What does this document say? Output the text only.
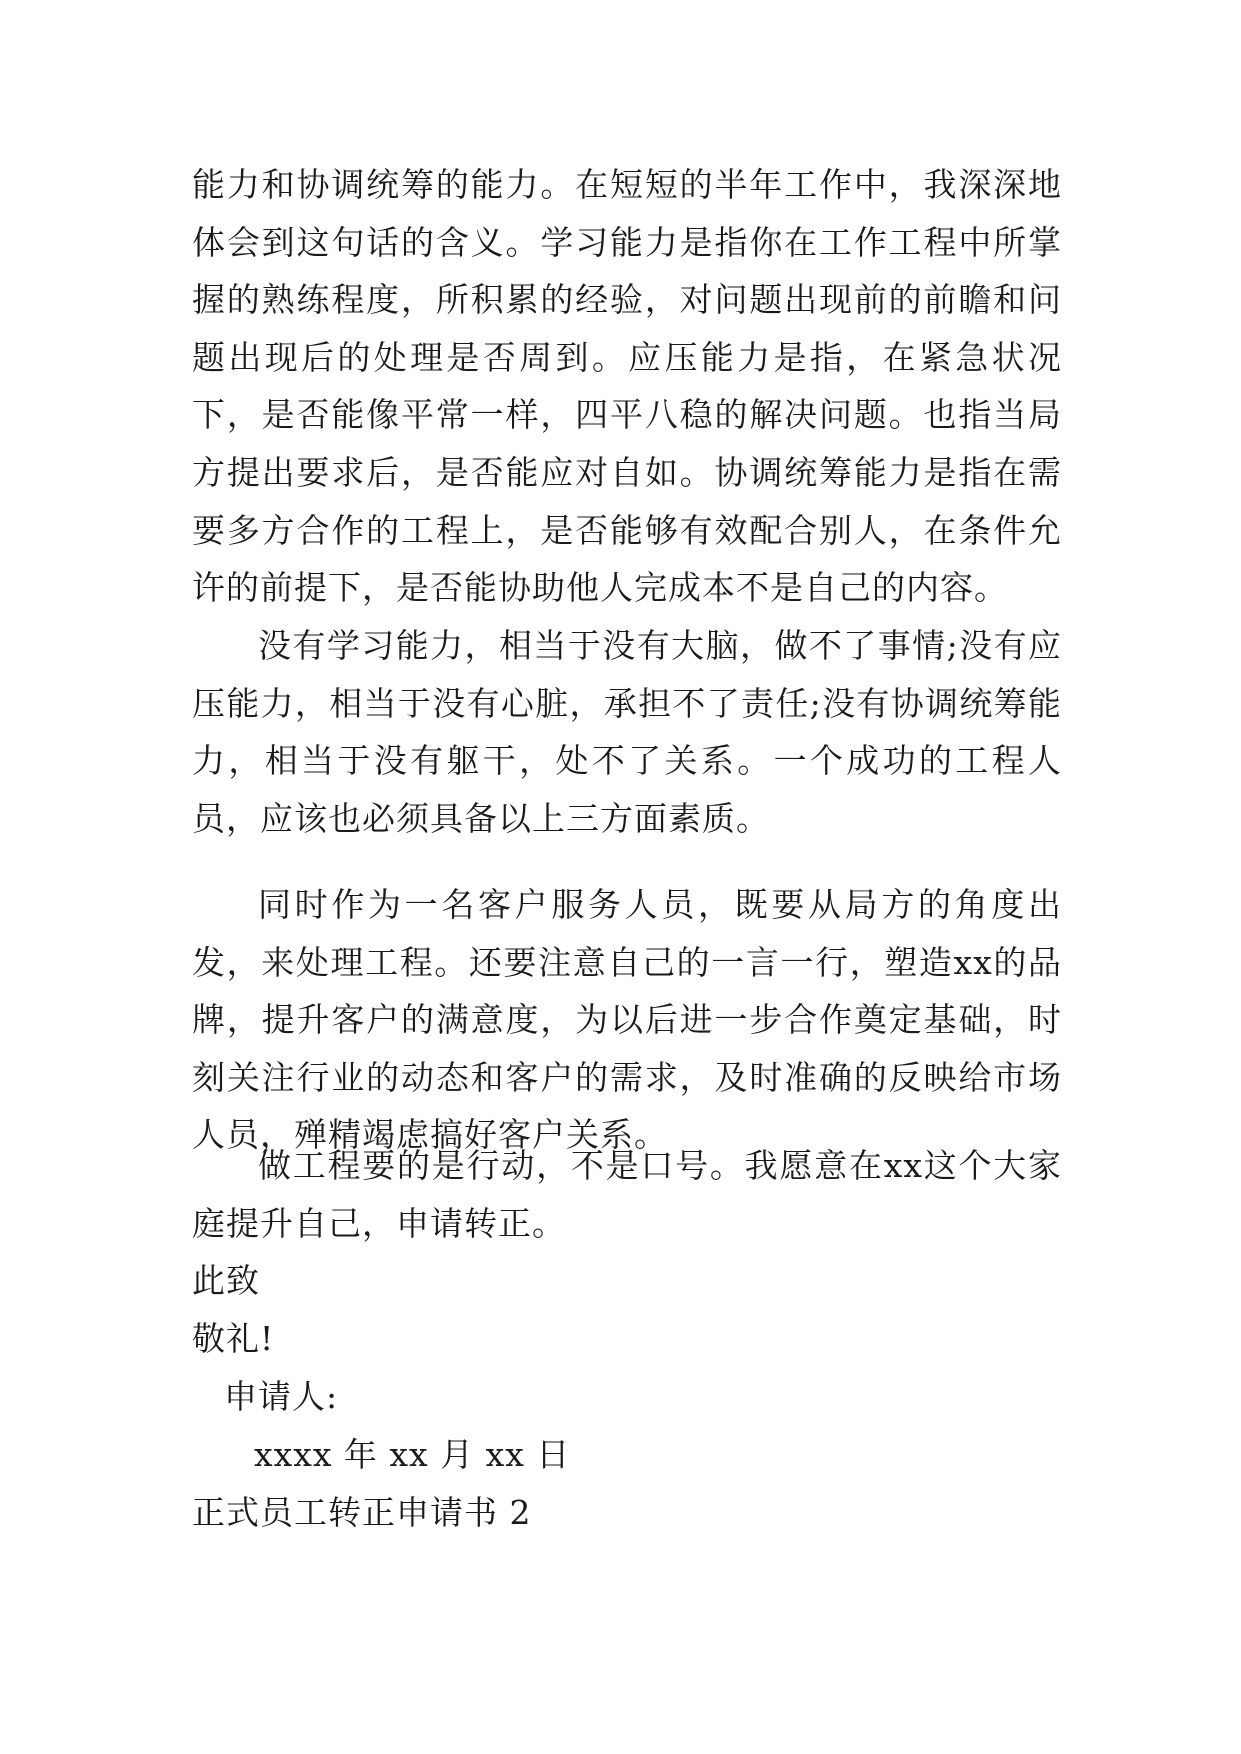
能力和协调统筹的能力。在短短的半年工作中，我深深地体会到这句话的含义。学习能力是指你在工作工程中所掌握的熟练程度，所积累的经验，对问题出现前的前瞻和问题出现后的处理是否周到。应压能力是指，在紧急状况下，是否能像平常一样，四平八稳的解决问题。也指当局方提出要求后，是否能应对自如。协调统筹能力是指在需要多方合作的工程上，是否能够有效配合别人，在条件允许的前提下，是否能协助他人完成本不是自己的内容。

没有学习能力，相当于没有大脑，做不了事情;没有应压能力，相当于没有心脏，承担不了责任;没有协调统筹能力，相当于没有躯干，处不了关系。一个成功的工程人员，应该也必须具备以上三方面素质。

同时作为一名客户服务人员，既要从局方的角度出发，来处理工程。还要注意自己的一言一行，塑造xx的品牌，提升客户的满意度，为以后进一步合作奠定基础，时刻关注行业的动态和客户的需求，及时准确的反映给市场人员，殚精竭虑搞好客户关系。

做工程要的是行动，不是口号。我愿意在xx这个大家庭提升自己，申请转正。

此致

敬礼!

申请人:

xxxx 年 xx 月 xx 日

正式员工转正申请书 2
